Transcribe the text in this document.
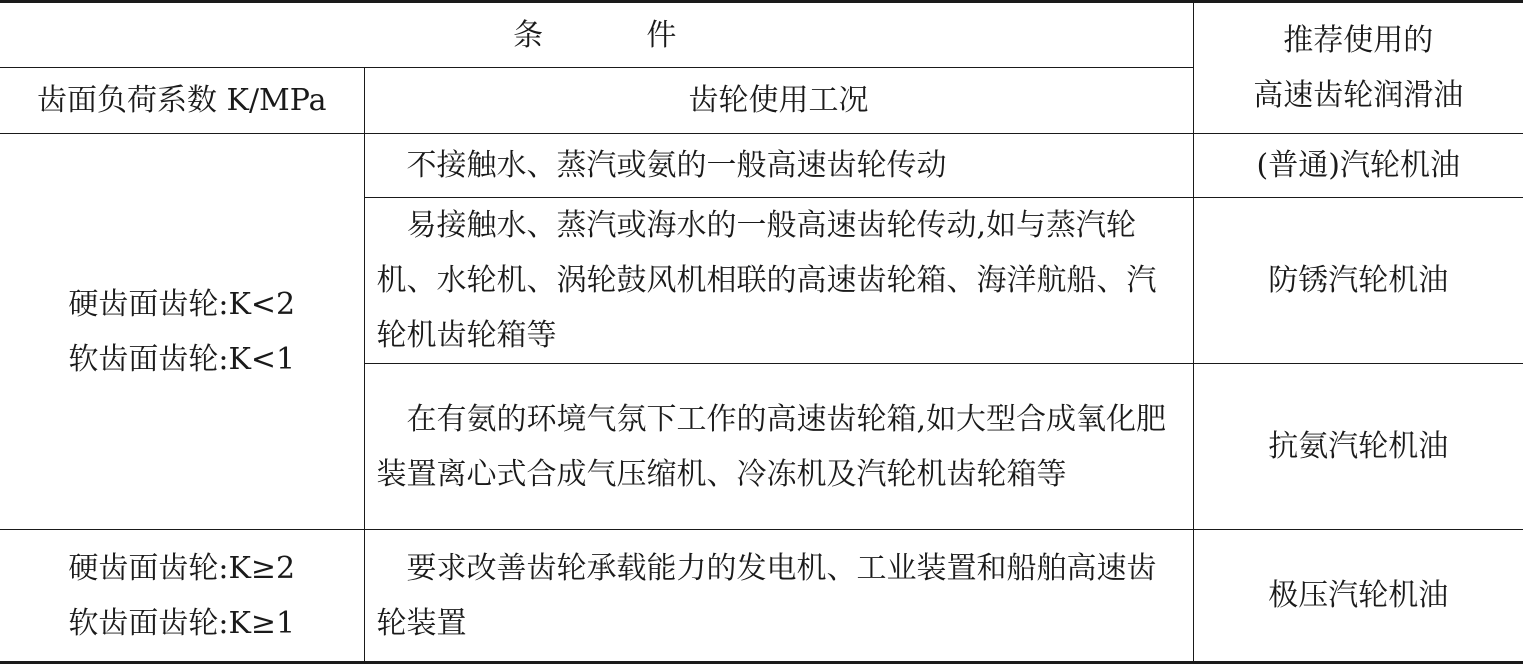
条        件		推荐使用的
高速齿轮润滑油

齿面负荷系数 K/MPa	齿轮使用工况	

硬齿面齿轮:K<2
软齿面齿轮:K<1	不接触水、蒸汽或氨的一般高速齿轮传动	(普通)汽轮机油
	易接触水、蒸汽或海水的一般高速齿轮传动,如与蒸汽轮机、水轮机、涡轮鼓风机相联的高速齿轮箱、海洋航船、汽轮机齿轮箱等	防锈汽轮机油
	在有氨的环境气氛下工作的高速齿轮箱,如大型合成氧化肥装置离心式合成气压缩机、冷冻机及汽轮机齿轮箱等	抗氨汽轮机油

硬齿面齿轮:K≥2
软齿面齿轮:K≥1	要求改善齿轮承载能力的发电机、工业装置和船舶高速齿轮装置	极压汽轮机油
